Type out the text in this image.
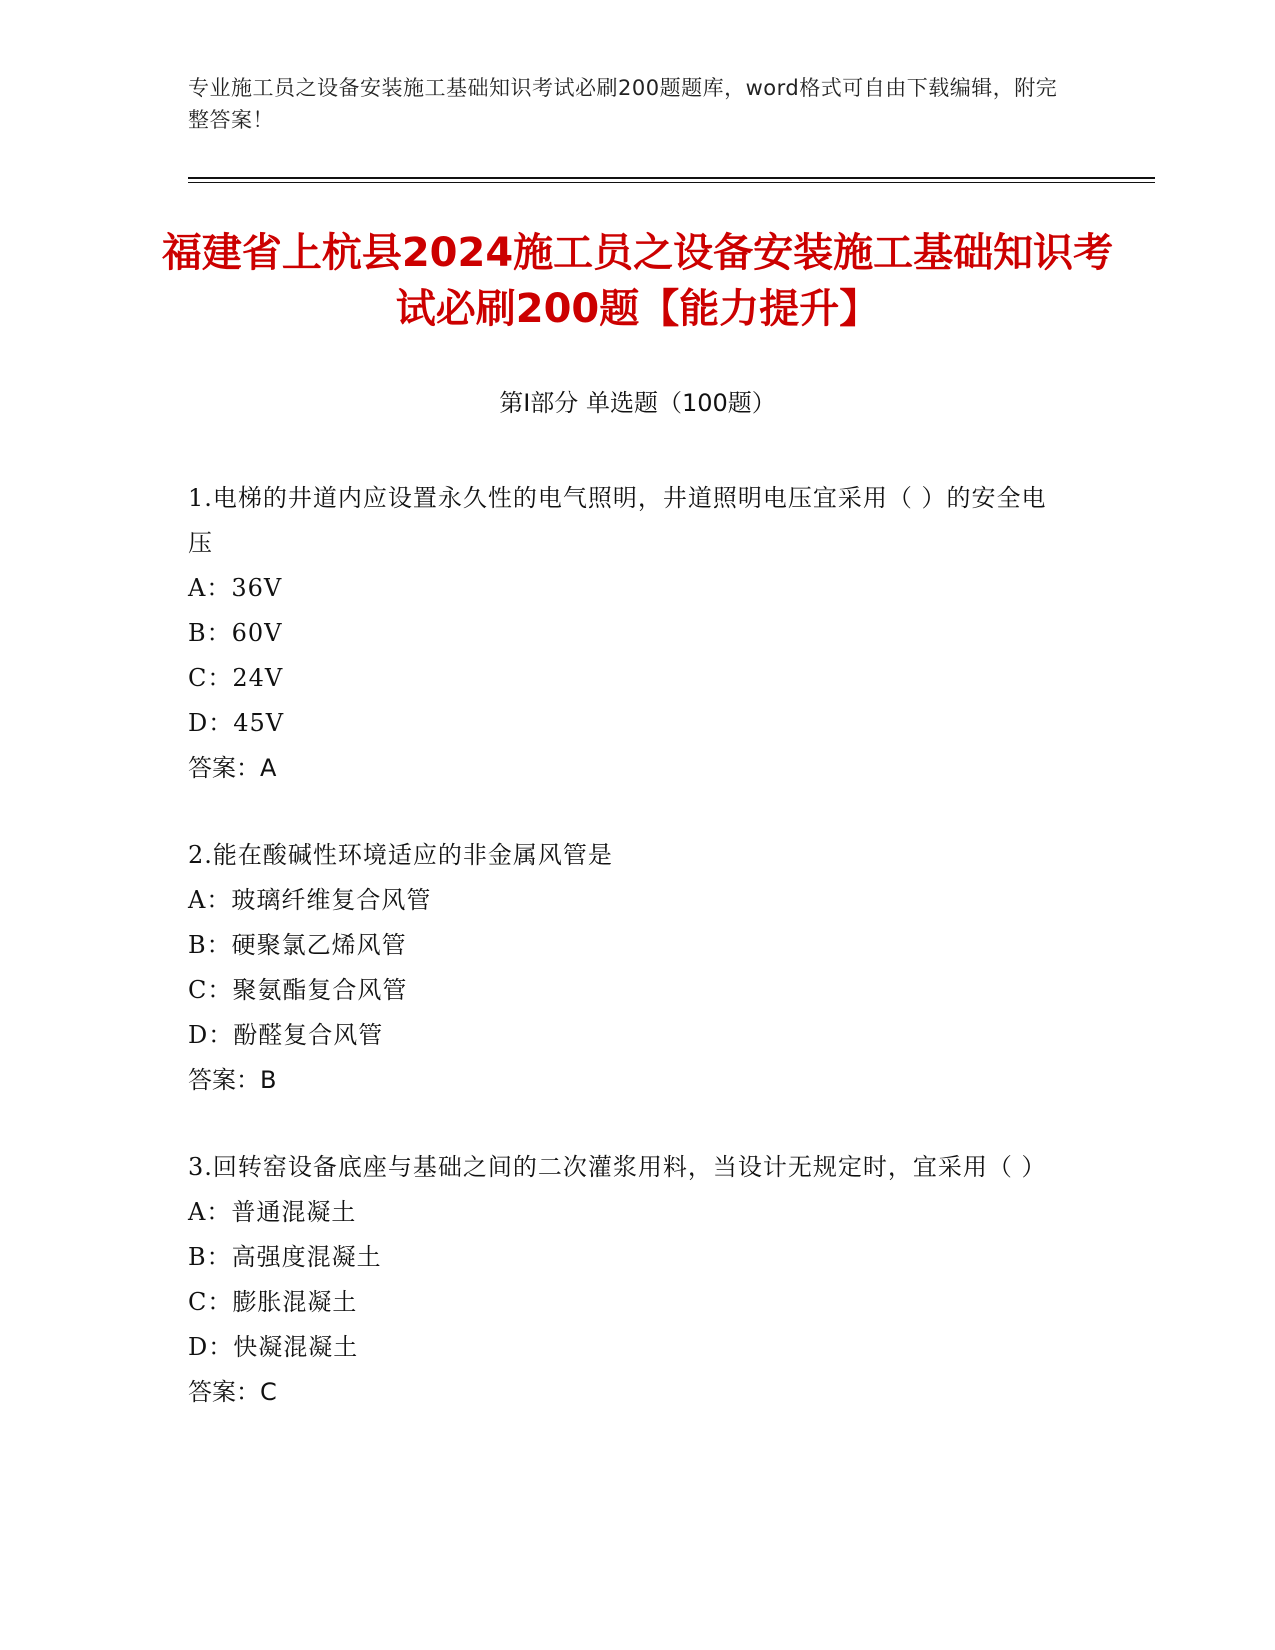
专业施工员之设备安装施工基础知识考试必刷200题题库，word格式可自由下载编辑，附完整答案！
福建省上杭县2024施工员之设备安装施工基础知识考试必刷200题【能力提升】
第Ⅰ部分 单选题（100题）

1.电梯的井道内应设置永久性的电气照明，井道照明电压宜采用（ ）的安全电压

A：36V

B：60V

C：24V

D：45V

答案：A

2.能在酸碱性环境适应的非金属风管是

A：玻璃纤维复合风管

B：硬聚氯乙烯风管

C：聚氨酯复合风管

D：酚醛复合风管

答案：B

3.回转窑设备底座与基础之间的二次灌浆用料，当设计无规定时，宜采用（ ）

A：普通混凝土

B：高强度混凝土

C：膨胀混凝土

D：快凝混凝土

答案：C
